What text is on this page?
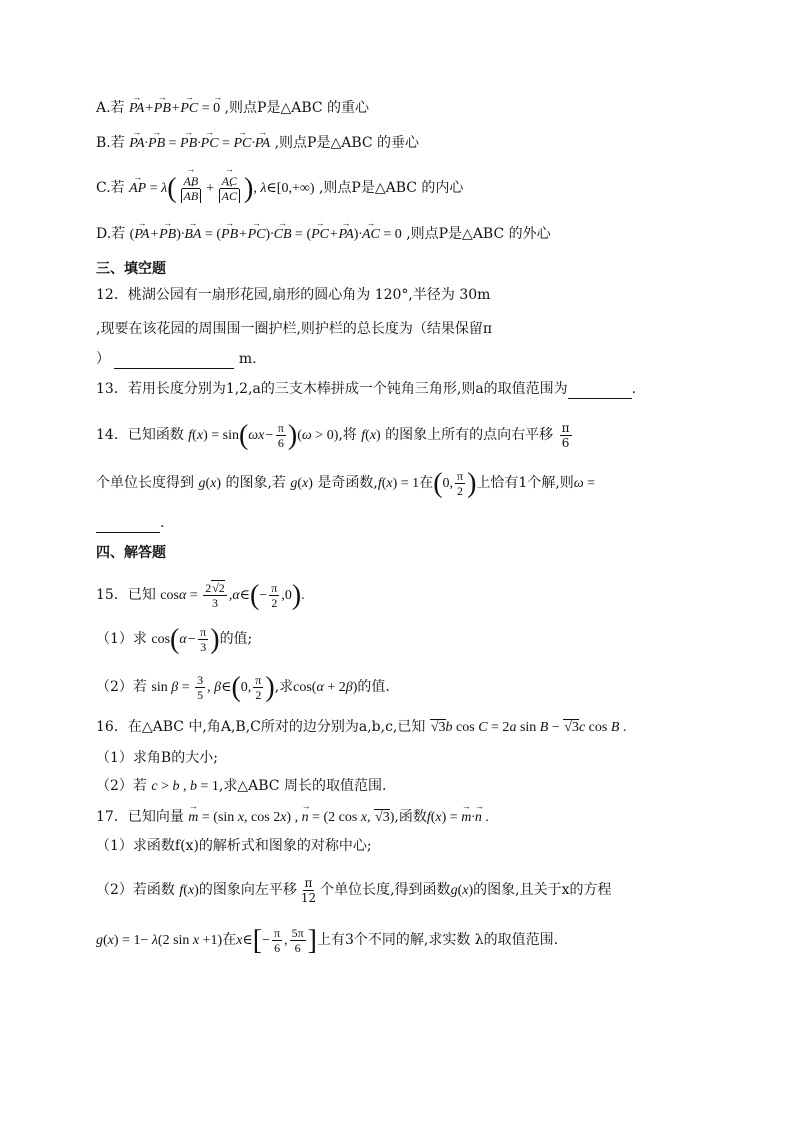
A.若 → PA+→ PB+→ PC = → 0 ,则点P是△ABC 的重心
B.若 → PA·→ PB = → PB·→ PC = → PC·→ PA ,则点P是△ABC 的垂心
C.若 → AP = λ( → AB
→ AB + → AC
→ AC ), λ∈[0,+∞) ,则点P是△ABC 的内心
D.若 (→ PA+→ PB)·→ BA = (→ PB+→ PC)·→ CB = (→ PC+→ PA)·→ AC = 0 ,则点P是△ABC 的外心
三、填空题
12．桃湖公园有一扇形花园,扇形的圆心角为 120°,半径为 30m
,现要在该花园的周围围一圈护栏,则护栏的总长度为（结果保留π
）	m.
13．若用长度分别为1,2,a的三支木棒拼成一个钝角三角形,则a的取值范围为	.
14．已知函数 $f(x) = \sin(\omega x- \frac{\pi}{6} )(\omega > 0)$,将 f(x) 的图象上所有的点向右平移 $\frac{\pi}{6}$
个单位长度得到 g(x) 的图象,若 g(x) 是奇函数,f(x) = 1在(0, $\frac{\pi}{2}$ )上恰有1个解,则ω =
.
四、解答题
15．已知 $\cos\alpha = \frac{2√2}{3}$ ,α∈(− $\frac{\pi}{2} ,0$).
（1）求 $\cos(\alpha- \frac{\pi}{3}$ )的值;
（2）若 $\sin \beta = \frac{3}{5}$ , β∈(0, $\frac{\pi}{2}$ ),求cos(α + 2β)的值.
16．在△ABC 中,角A,B,C所对的边分别为a,b,c,已知 √3b cos C = 2a sin B − √3c cos B .
（1）求角B的大小;
（2）若 c > b , b = 1,求△ABC 周长的取值范围.
17．已知向量 → m = (sin x, cos 2x) , → n = (2 cos x, √3),函数f(x) = → m·→ n .
（1）求函数f(x)的解析式和图象的对称中心;
（2）若函数 f(x)的图象向左平移 $\frac{\pi}{12}$ 个单位长度,得到函数g(x)的图象,且关于x的方程
g(x) = 1− λ(2 sin x +1)在x∈[− $\frac{\pi}{6}$ , $\frac{5\pi}{6}$ ]上有3个不同的解,求实数 λ的取值范围.
